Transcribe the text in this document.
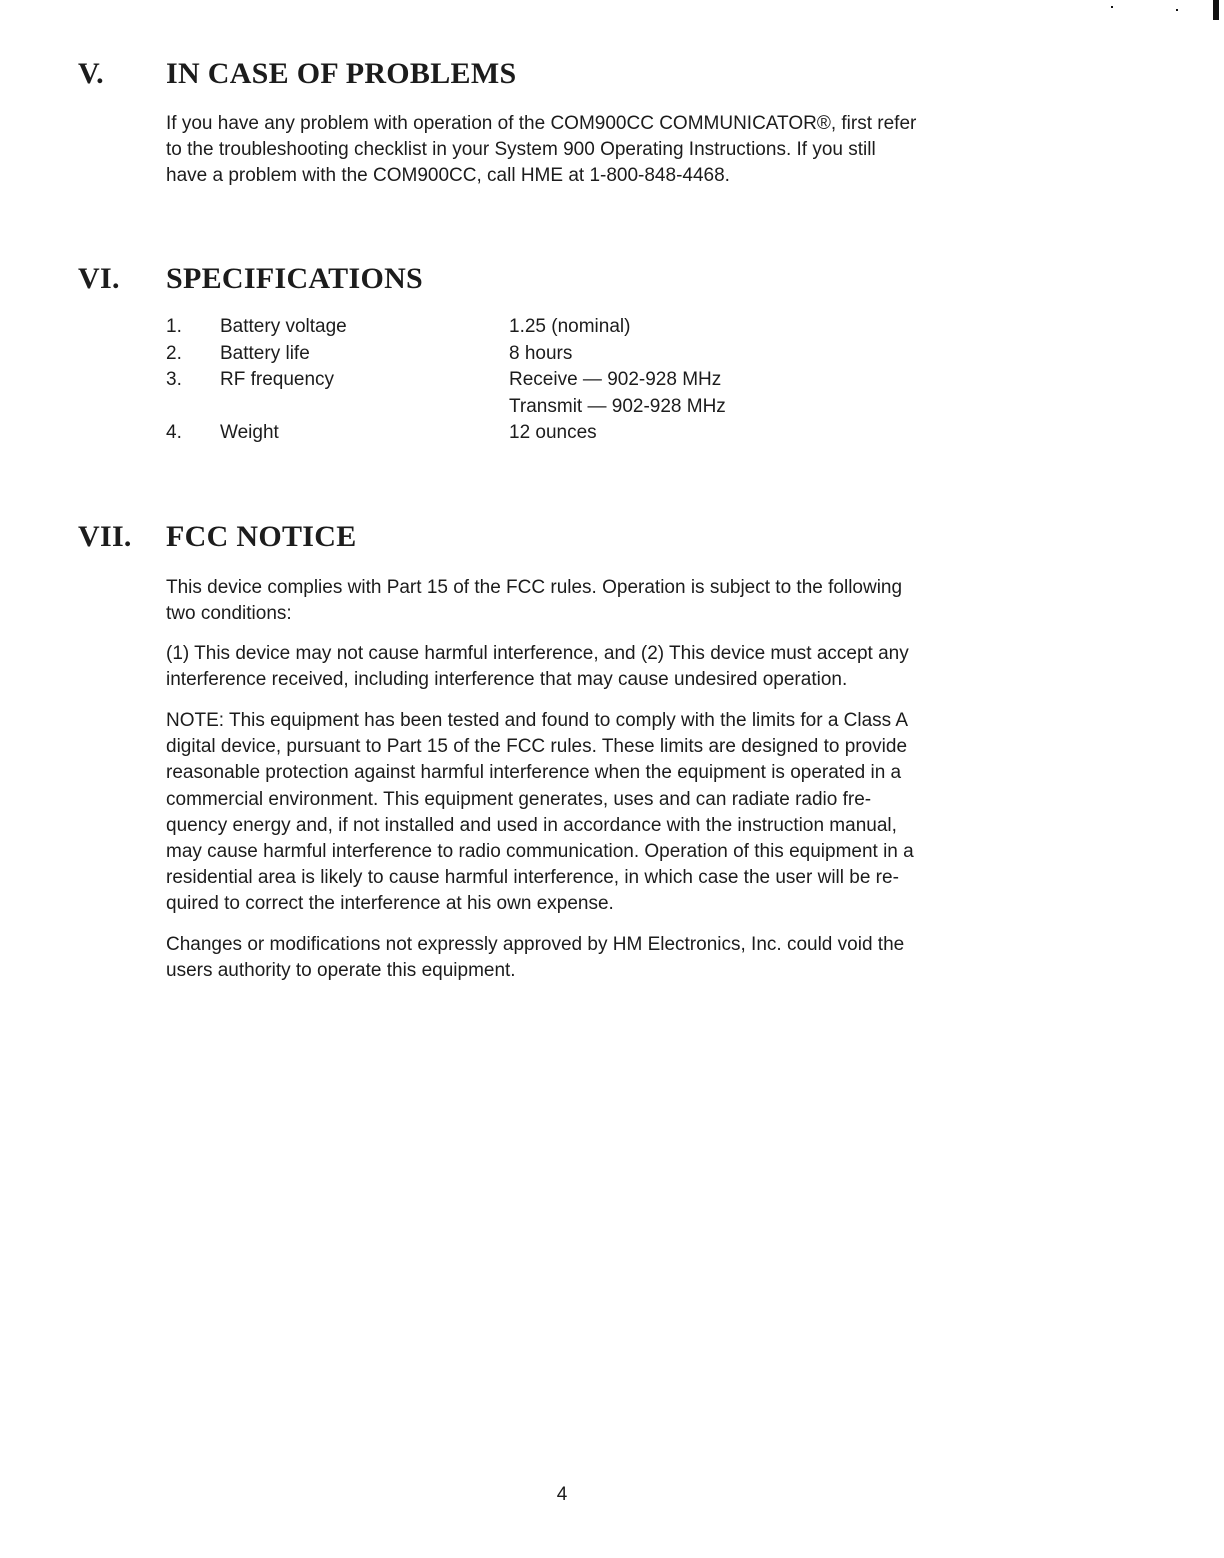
V. IN CASE OF PROBLEMS
If you have any problem with operation of the COM900CC COMMUNICATOR®, first refer
to the troubleshooting checklist in your System 900 Operating Instructions. If you still
have a problem with the COM900CC, call HME at 1-800-848-4468.
VI. SPECIFICATIONS
1. Battery voltage	1.25 (nominal)
2. Battery life	8 hours
3. RF frequency	Receive — 902-928 MHz
Transmit — 902-928 MHz
4. Weight	12 ounces
VII. FCC NOTICE
This device complies with Part 15 of the FCC rules. Operation is subject to the following
two conditions:
(1) This device may not cause harmful interference, and (2) This device must accept any
interference received, including interference that may cause undesired operation.
NOTE: This equipment has been tested and found to comply with the limits for a Class A
digital device, pursuant to Part 15 of the FCC rules. These limits are designed to provide
reasonable protection against harmful interference when the equipment is operated in a
commercial environment. This equipment generates, uses and can radiate radio fre-
quency energy and, if not installed and used in accordance with the instruction manual,
may cause harmful interference to radio communication. Operation of this equipment in a
residential area is likely to cause harmful interference, in which case the user will be re-
quired to correct the interference at his own expense.
Changes or modifications not expressly approved by HM Electronics, Inc. could void the
users authority to operate this equipment.
4
